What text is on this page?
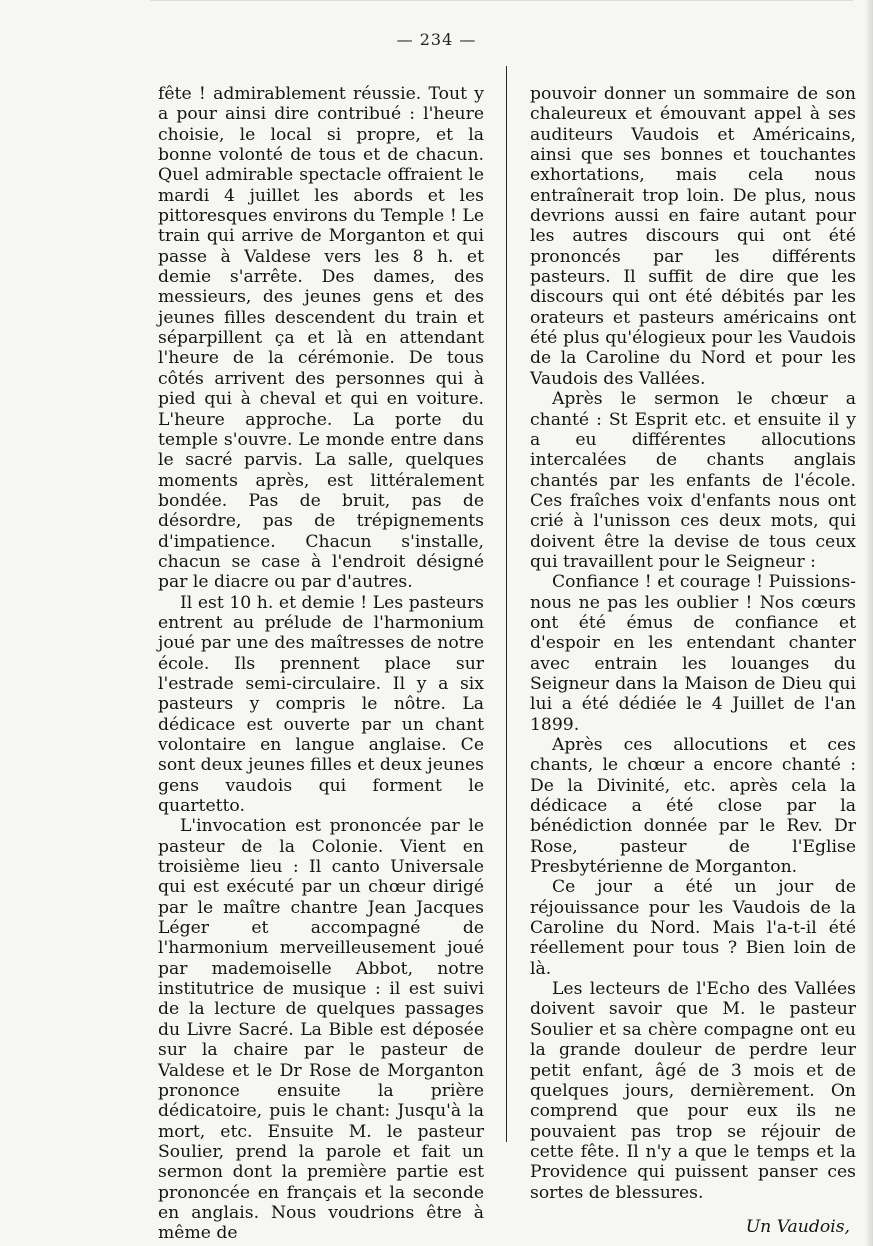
— 234 —

fête ! admirablement réussie. Tout y a pour ainsi dire contribué : l'heure choisie, le local si propre, et la bonne volonté de tous et de chacun. Quel admirable spectacle offraient le mardi 4 juillet les abords et les pittoresques environs du Temple ! Le train qui arrive de Morganton et qui passe à Valdese vers les 8 h. et demie s'arrête. Des dames, des messieurs, des jeunes gens et des jeunes filles descendent du train et séparpillent ça et là en attendant l'heure de la cérémonie. De tous côtés arrivent des personnes qui à pied qui à cheval et qui en voiture. L'heure approche. La porte du temple s'ouvre. Le monde entre dans le sacré parvis. La salle, quelques moments après, est littéralement bondée. Pas de bruit, pas de désordre, pas de trépignements d'impatience. Chacun s'installe, chacun se case à l'endroit désigné par le diacre ou par d'autres.

Il est 10 h. et demie ! Les pasteurs entrent au prélude de l'harmonium joué par une des maîtresses de notre école. Ils prennent place sur l'estrade semi-circulaire. Il y a six pasteurs y compris le nôtre. La dédicace est ouverte par un chant volontaire en langue anglaise. Ce sont deux jeunes filles et deux jeunes gens vaudois qui forment le quartetto.

L'invocation est prononcée par le pasteur de la Colonie. Vient en troisième lieu : Il canto Universale qui est exécuté par un chœur dirigé par le maître chantre Jean Jacques Léger et accompagné de l'harmonium merveilleusement joué par mademoiselle Abbot, notre institutrice de musique : il est suivi de la lecture de quelques passages du Livre Sacré. La Bible est déposée sur la chaire par le pasteur de Valdese et le Dr Rose de Morganton prononce ensuite la prière dédicatoire, puis le chant: Jusqu'à la mort, etc. Ensuite M. le pasteur Soulier, prend la parole et fait un sermon dont la première partie est prononcée en français et la seconde en anglais. Nous voudrions être à même de

pouvoir donner un sommaire de son chaleureux et émouvant appel à ses auditeurs Vaudois et Américains, ainsi que ses bonnes et touchantes exhortations, mais cela nous entraînerait trop loin. De plus, nous devrions aussi en faire autant pour les autres discours qui ont été prononcés par les différents pasteurs. Il suffit de dire que les discours qui ont été débités par les orateurs et pasteurs américains ont été plus qu'élogieux pour les Vaudois de la Caroline du Nord et pour les Vaudois des Vallées.

Après le sermon le chœur a chanté : St Esprit etc. et ensuite il y a eu différentes allocutions intercalées de chants anglais chantés par les enfants de l'école. Ces fraîches voix d'enfants nous ont crié à l'unisson ces deux mots, qui doivent être la devise de tous ceux qui travaillent pour le Seigneur :

Confiance ! et courage ! Puissions-nous ne pas les oublier ! Nos cœurs ont été émus de confiance et d'espoir en les entendant chanter avec entrain les louanges du Seigneur dans la Maison de Dieu qui lui a été dédiée le 4 Juillet de l'an 1899.

Après ces allocutions et ces chants, le chœur a encore chanté : De la Divinité, etc. après cela la dédicace a été close par la bénédiction donnée par le Rev. Dr Rose, pasteur de l'Eglise Presbytérienne de Morganton.

Ce jour a été un jour de réjouissance pour les Vaudois de la Caroline du Nord. Mais l'a-t-il été réellement pour tous ? Bien loin de là.

Les lecteurs de l'Echo des Vallées doivent savoir que M. le pasteur Soulier et sa chère compagne ont eu la grande douleur de perdre leur petit enfant, âgé de 3 mois et de quelques jours, dernièrement. On comprend que pour eux ils ne pouvaient pas trop se réjouir de cette fête. Il n'y a que le temps et la Providence qui puissent panser ces sortes de blessures.

Un Vaudois,
